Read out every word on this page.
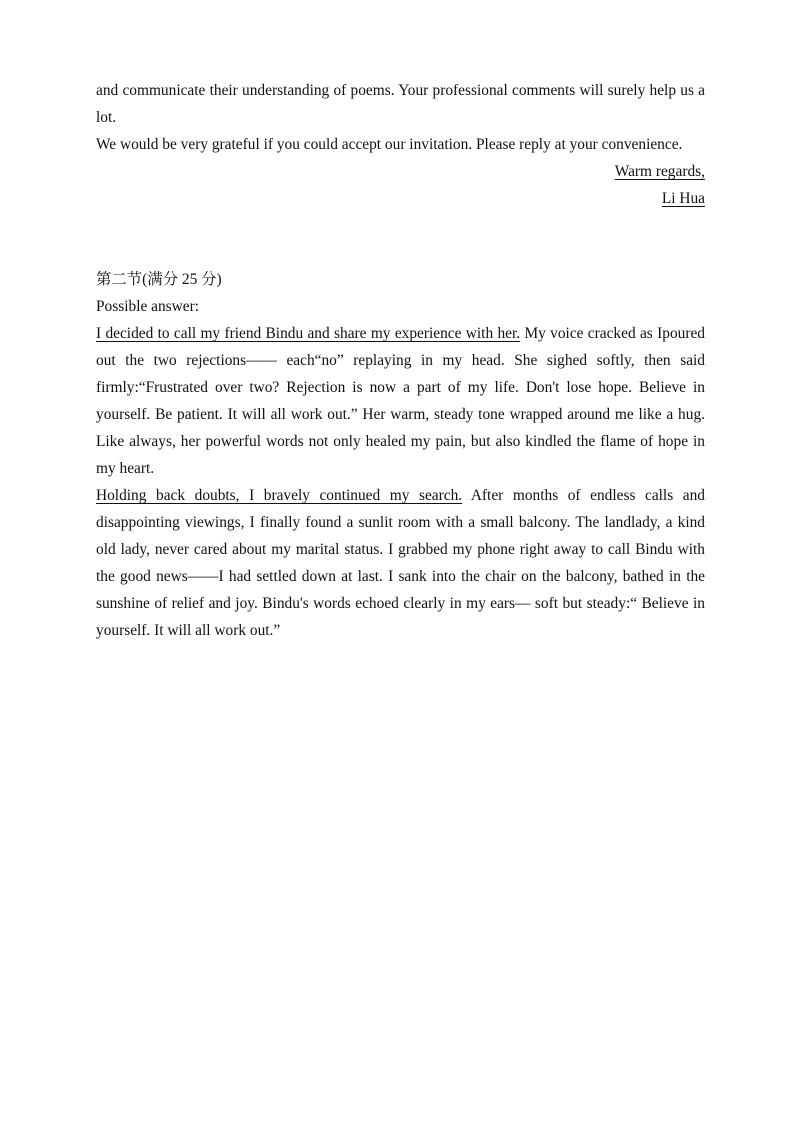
and communicate their understanding of poems. Your professional comments will surely help us a lot.

We would be very grateful if you could accept our invitation. Please reply at your convenience.

Warm regards,

Li Hua

第二节(满分 25 分)

Possible answer:

I decided to call my friend Bindu and share my experience with her. My voice cracked as Ipoured out the two rejections—— each“no” replaying in my head. She sighed softly, then said firmly:“Frustrated over two? Rejection is now a part of my life. Don't lose hope. Believe in yourself. Be patient. It will all work out.” Her warm, steady tone wrapped around me like a hug. Like always, her powerful words not only healed my pain, but also kindled the flame of hope in my heart.

Holding back doubts, I bravely continued my search. After months of endless calls and disappointing viewings, I finally found a sunlit room with a small balcony. The landlady, a kind old lady, never cared about my marital status. I grabbed my phone right away to call Bindu with the good news——I had settled down at last. I sank into the chair on the balcony, bathed in the sunshine of relief and joy. Bindu's words echoed clearly in my ears— soft but steady:“ Believe in yourself. It will all work out.”
